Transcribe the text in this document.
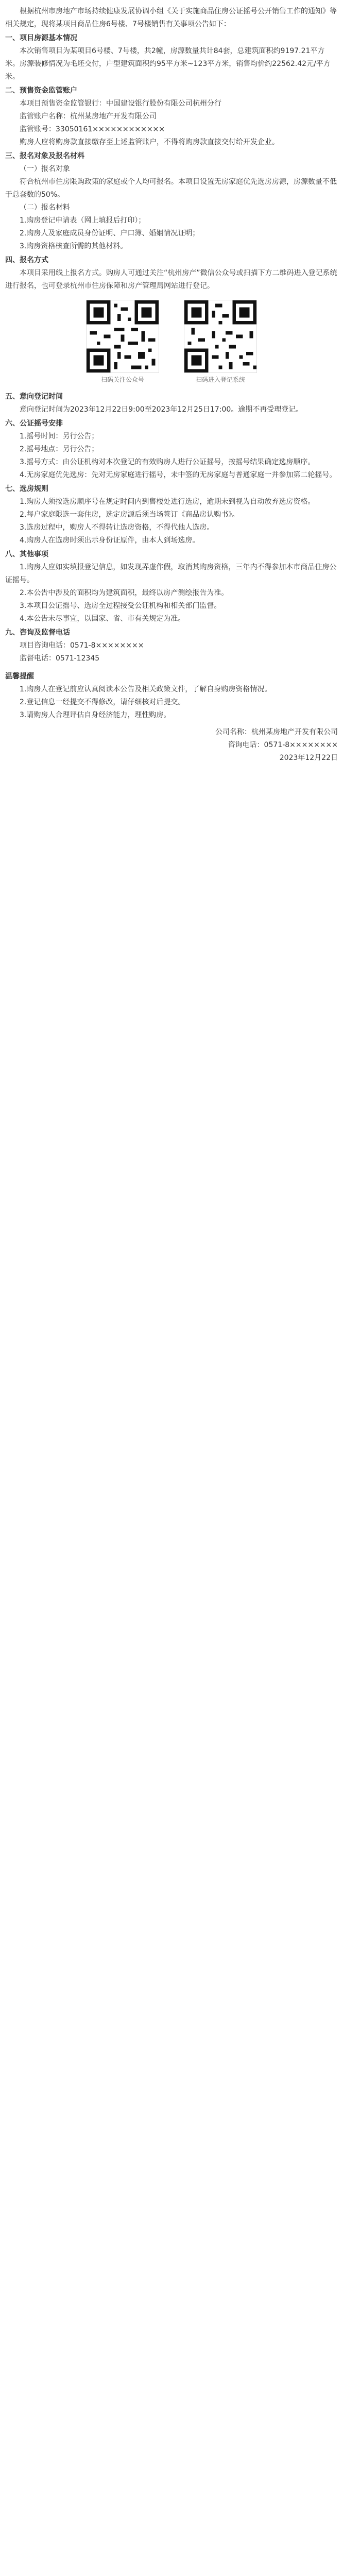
根据杭州市房地产市场持续健康发展协调小组《关于实施商品住房公证摇号公开销售工作的通知》等相关规定，现将某项目商品住房6号楼、7号楼销售有关事项公告如下：

一、项目房源基本情况

本次销售项目为某项目6号楼、7号楼，共2幢，房源数量共计84套，总建筑面积约9197.21平方米。房源装修情况为毛坯交付，户型建筑面积约95平方米~123平方米，销售均价约22562.42元/平方米。

二、预售资金监管账户

本项目预售资金监管银行：中国建设银行股份有限公司杭州分行

监管账户名称：杭州某房地产开发有限公司

监管账号：33050161××××××××××××

购房人应将购房款直接缴存至上述监管账户，不得将购房款直接交付给开发企业。

三、报名对象及报名材料

（一）报名对象

符合杭州市住房限购政策的家庭或个人均可报名。本项目设置无房家庭优先选房房源，房源数量不低于总套数的50%。

（二）报名材料

1.购房登记申请表（网上填报后打印）；

2.购房人及家庭成员身份证明、户口簿、婚姻情况证明；

3.购房资格核查所需的其他材料。

四、报名方式

本项目采用线上报名方式。购房人可通过关注“杭州房产”微信公众号或扫描下方二维码进入登记系统进行报名，也可登录杭州市住房保障和房产管理局网站进行登记。

扫码关注公众号	扫码进入登记系统
五、意向登记时间

意向登记时间为2023年12月22日9:00至2023年12月25日17:00。逾期不再受理登记。

六、公证摇号安排

1.摇号时间：另行公告；

2.摇号地点：另行公告；

3.摇号方式：由公证机构对本次登记的有效购房人进行公证摇号，按摇号结果确定选房顺序。

4.无房家庭优先选房：先对无房家庭进行摇号，未中签的无房家庭与普通家庭一并参加第二轮摇号。

七、选房规则

1.购房人须按选房顺序号在规定时间内到售楼处进行选房，逾期未到视为自动放弃选房资格。

2.每户家庭限选一套住房，选定房源后须当场签订《商品房认购书》。

3.选房过程中，购房人不得转让选房资格，不得代他人选房。

4.购房人在选房时须出示身份证原件，由本人到场选房。

八、其他事项

1.购房人应如实填报登记信息，如发现弄虚作假，取消其购房资格，三年内不得参加本市商品住房公证摇号。

2.本公告中涉及的面积均为建筑面积，最终以房产测绘报告为准。

3.本项目公证摇号、选房全过程接受公证机构和相关部门监督。

4.本公告未尽事宜，以国家、省、市有关规定为准。

九、咨询及监督电话

项目咨询电话：0571-8××××××××

监督电话：0571-12345

温馨提醒

1.购房人在登记前应认真阅读本公告及相关政策文件，了解自身购房资格情况。

2.登记信息一经提交不得修改，请仔细核对后提交。

3.请购房人合理评估自身经济能力，理性购房。

公司名称：杭州某房地产开发有限公司

咨询电话：0571-8××××××××

2023年12月22日
